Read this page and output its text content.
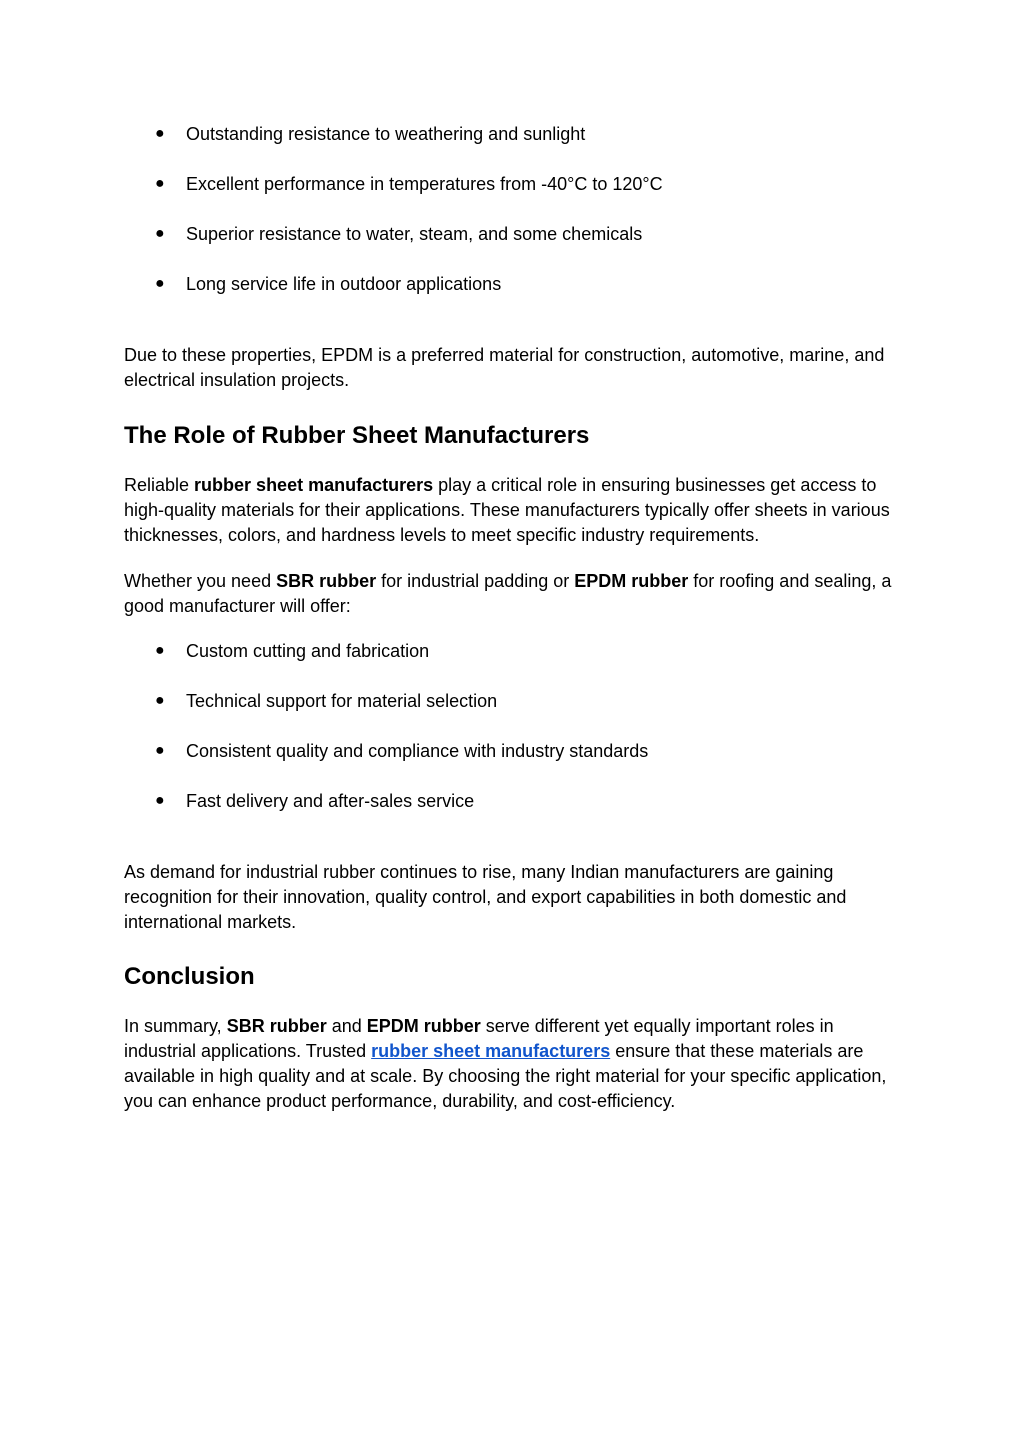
● Outstanding resistance to weathering and sunlight
● Excellent performance in temperatures from -40°C to 120°C
● Superior resistance to water, steam, and some chemicals
● Long service life in outdoor applications

Due to these properties, EPDM is a preferred material for construction, automotive, marine, and electrical insulation projects.

The Role of Rubber Sheet Manufacturers

Reliable rubber sheet manufacturers play a critical role in ensuring businesses get access to high-quality materials for their applications. These manufacturers typically offer sheets in various thicknesses, colors, and hardness levels to meet specific industry requirements.

Whether you need SBR rubber for industrial padding or EPDM rubber for roofing and sealing, a good manufacturer will offer:

● Custom cutting and fabrication
● Technical support for material selection
● Consistent quality and compliance with industry standards
● Fast delivery and after-sales service

As demand for industrial rubber continues to rise, many Indian manufacturers are gaining recognition for their innovation, quality control, and export capabilities in both domestic and international markets.

Conclusion

In summary, SBR rubber and EPDM rubber serve different yet equally important roles in industrial applications. Trusted rubber sheet manufacturers ensure that these materials are available in high quality and at scale. By choosing the right material for your specific application, you can enhance product performance, durability, and cost-efficiency.
